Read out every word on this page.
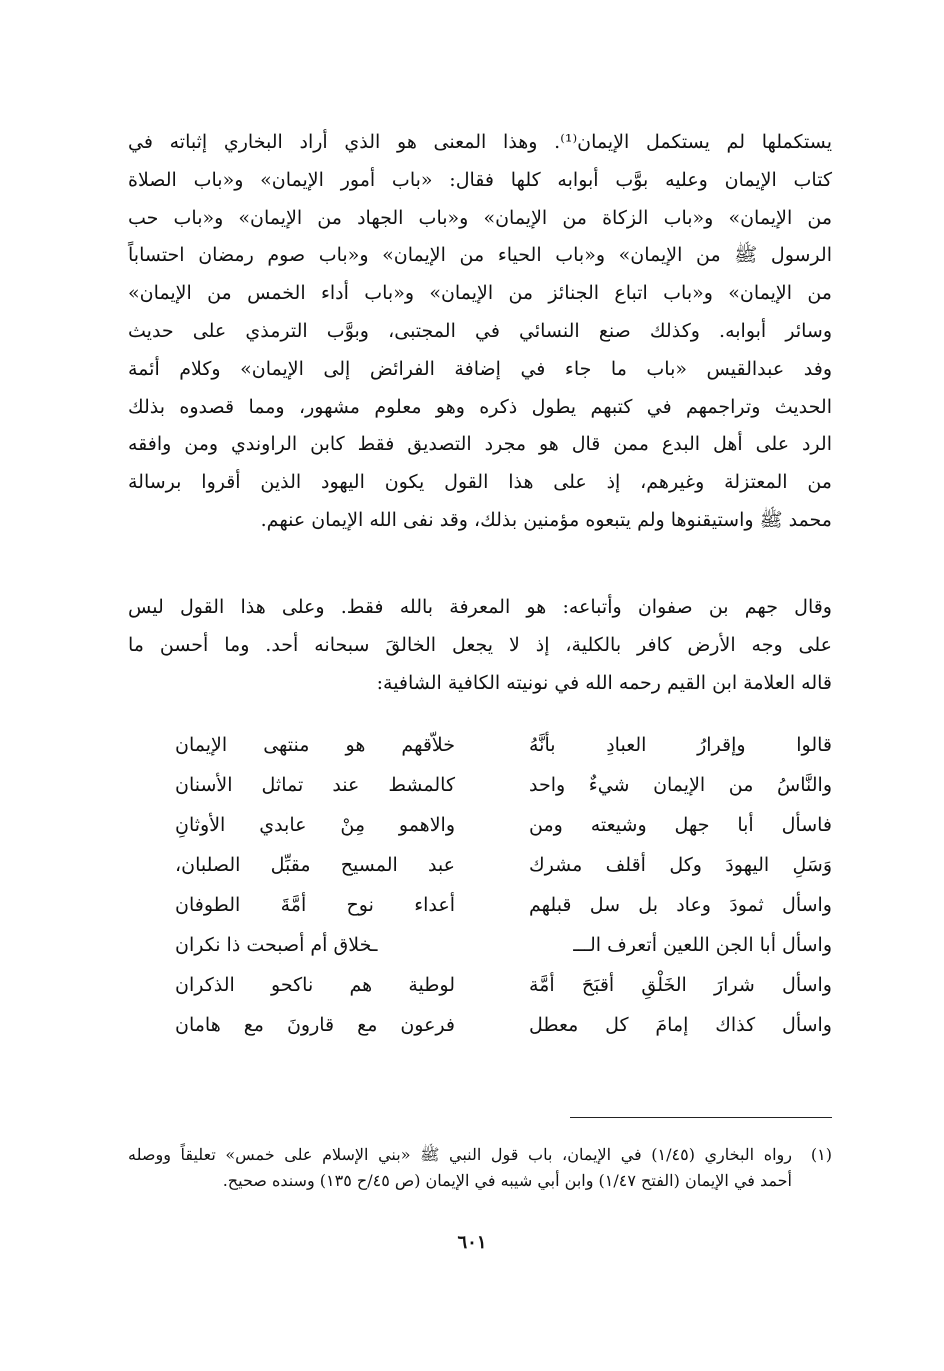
يستكملها لم يستكمل الإيمان⁽¹⁾. وهذا المعنى هو الذي أراد البخاري إثباته في
كتاب الإيمان وعليه بوَّب أبوابه كلها فقال: «باب أمور الإيمان» و«باب الصلاة
من الإيمان» و«باب الزكاة من الإيمان» و«باب الجهاد من الإيمان» و«باب حب
الرسول ﷺ من الإيمان» و«باب الحياء من الإيمان» و«باب صوم رمضان احتساباً
من الإيمان» و«باب اتباع الجنائز من الإيمان» و«باب أداء الخمس من الإيمان»
وسائر أبوابه. وكذلك صنع النسائي في المجتبى، وبوَّب الترمذي على حديث
وفد عبدالقيس «باب ما جاء في إضافة الفرائض إلى الإيمان» وكلام أئمة
الحديث وتراجمهم في كتبهم يطول ذكره وهو معلوم مشهور، ومما قصدوه بذلك
الرد على أهل البدع ممن قال هو مجرد التصديق فقط كابن الراوندي ومن وافقه
من المعتزلة وغيرهم، إذ على هذا القول يكون اليهود الذين أقروا برسالة
محمد ﷺ واستيقنوها ولم يتبعوه مؤمنين بذلك، وقد نفى الله الإيمان عنهم.
وقال جهم بن صفوان وأتباعه: هو المعرفة بالله فقط. وعلى هذا القول ليس
على وجه الأرض كافر بالكلية، إذ لا يجعل الخالقَ سبحانه أحد. وما أحسن ما
قاله العلامة ابن القيم رحمه الله في نونيته الكافية الشافية:
قالوا وإقرارُ العبادِ بأنَّهُ
خلاّقهم هو منتهى الإيمان
والنَّاسُ من الإيمان شيءٌ واحد
كالمشط عند تماثل الأسنان
فاسأل أبا جهل وشيعته ومن
والاهمو مِنْ عابدي الأوثانِ
وَسَلِ اليهودَ وكل أقلف مشرك
عبد المسيح مقبِّل الصلبان،
واسأل ثمودَ وعاد بل سل قبلهم
أعداء نوح أمَّةَ الطوفان
واسأل أبا الجن اللعين أتعرف الـــ
ـخلاق أم أصبحت ذا نكران
واسأل شرارَ الخَلْقِ أقبَحَ أمَّة
لوطية هم ناكحو الذكران
واسأل كذاك إمامَ كل معطل
فرعون مع قارونَ مع هامان
(١)
رواه البخاري (١/٤٥) في الإيمان، باب قول النبي ﷺ «بني الإسلام على خمس» تعليقاً ووصله
أحمد في الإيمان (الفتح ١/٤٧) وابن أبي شيبه في الإيمان (ص ٤٥/ح ١٣٥) وسنده صحيح.
٦٠١
